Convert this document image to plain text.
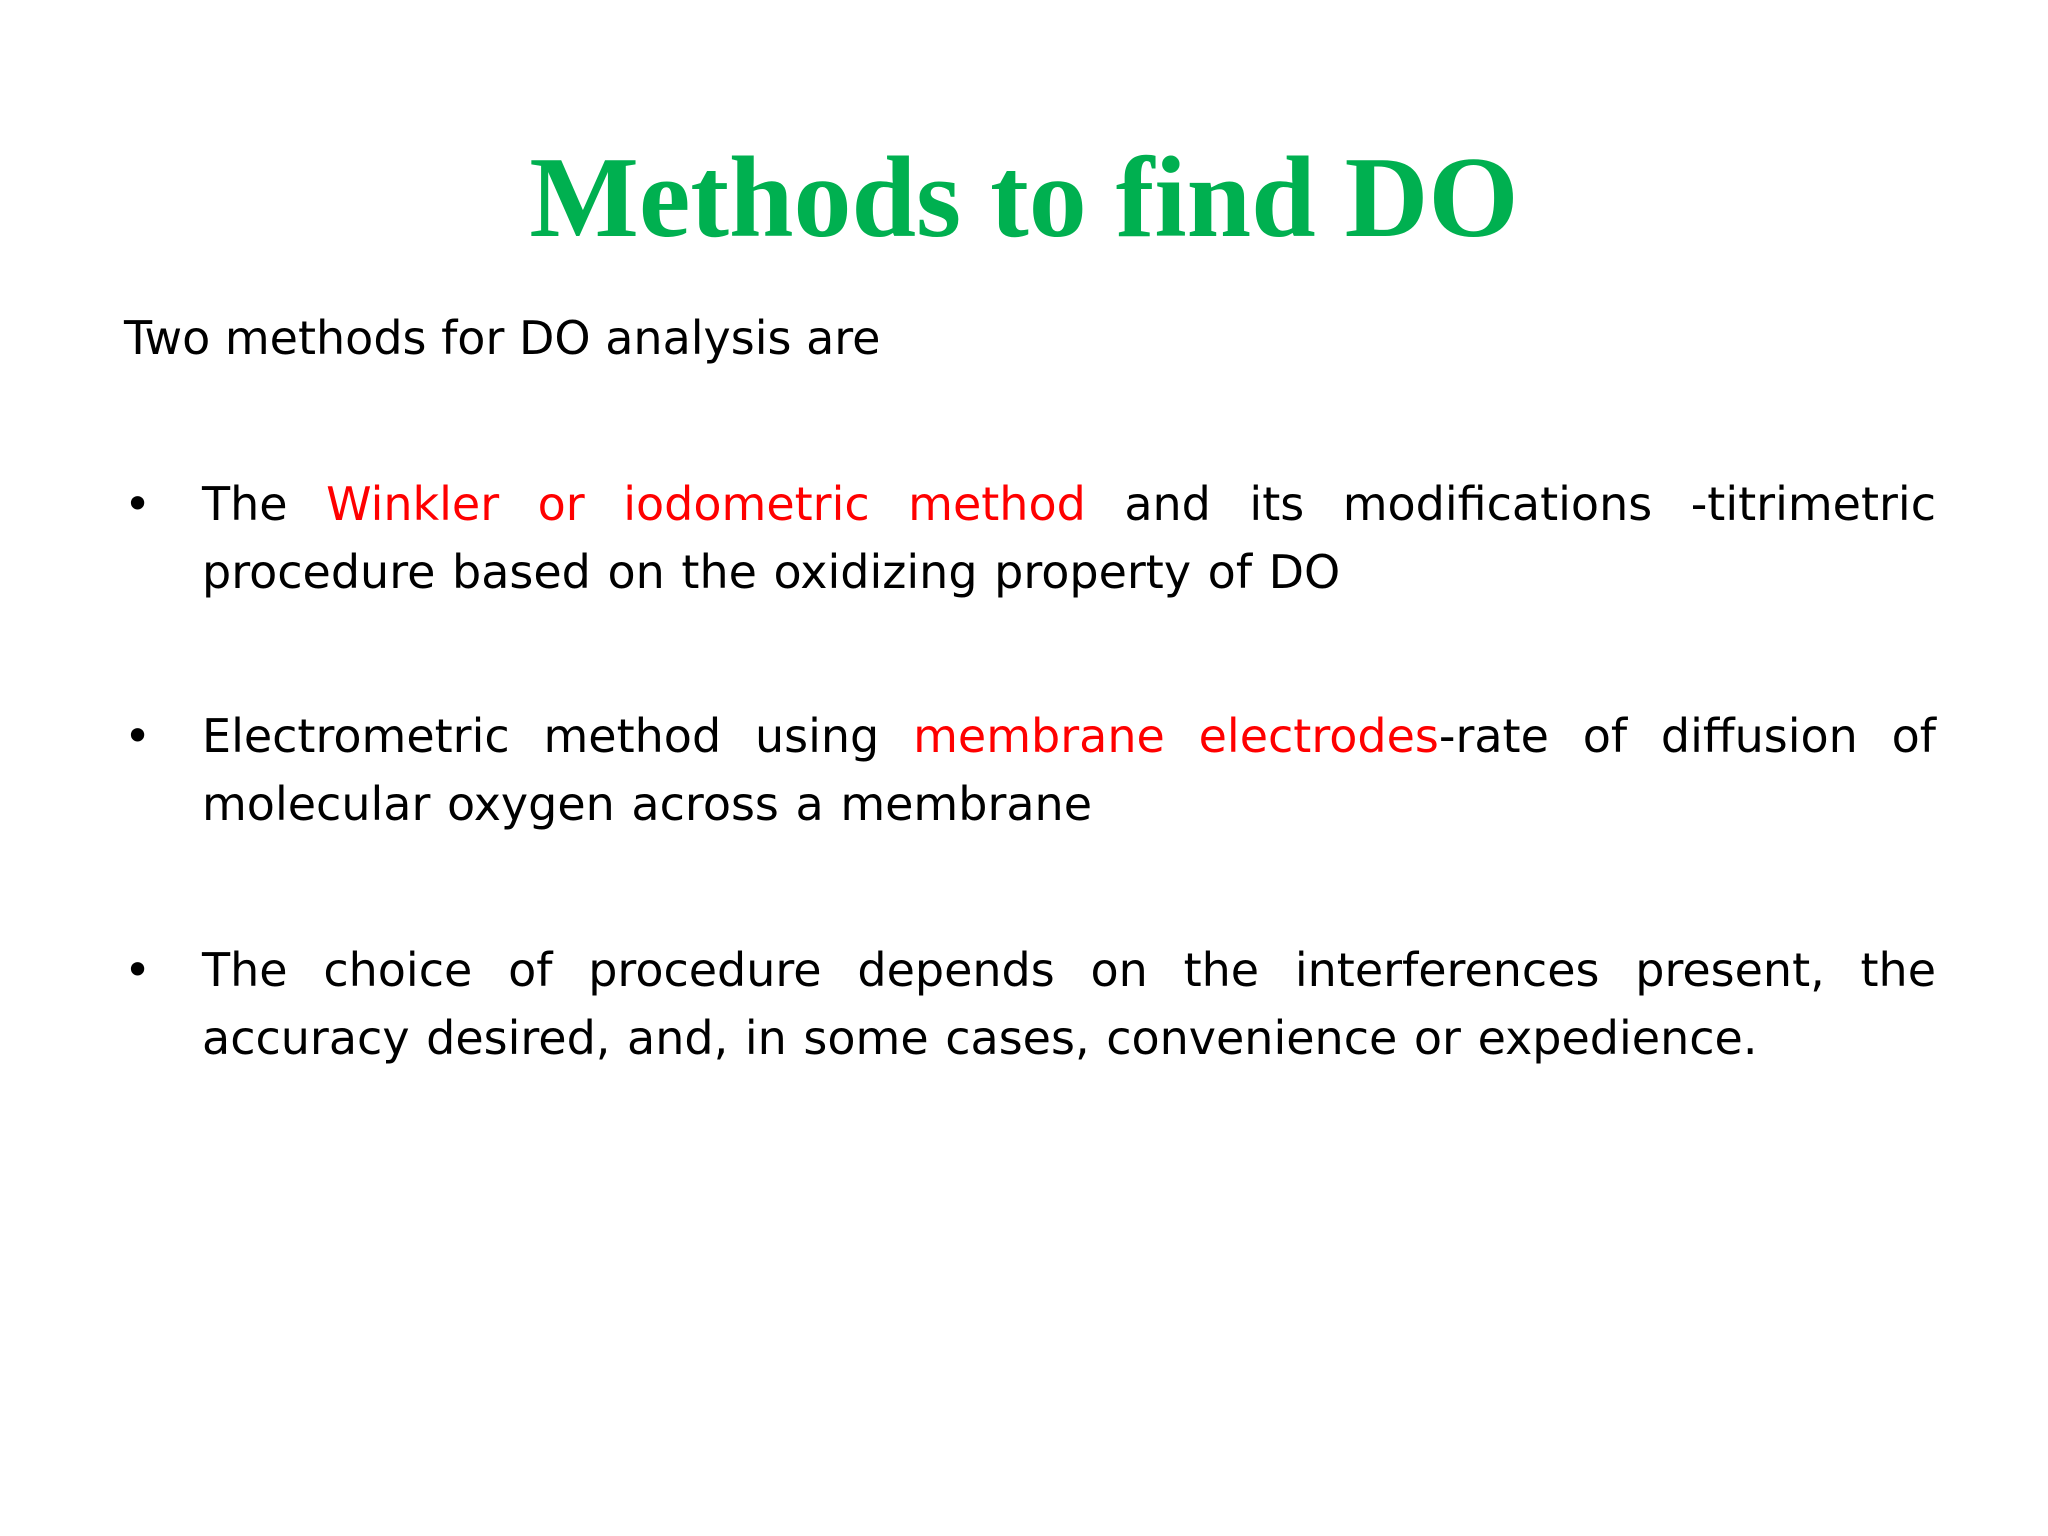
Methods to find DO
Two methods for DO analysis are
• The Winkler or iodometric method and its modifications -titrimetric procedure based on the oxidizing property of DO
• Electrometric method using membrane electrodes-rate of diffusion of molecular oxygen across a membrane
• The choice of procedure depends on the interferences present, the accuracy desired, and, in some cases, convenience or expedience.
